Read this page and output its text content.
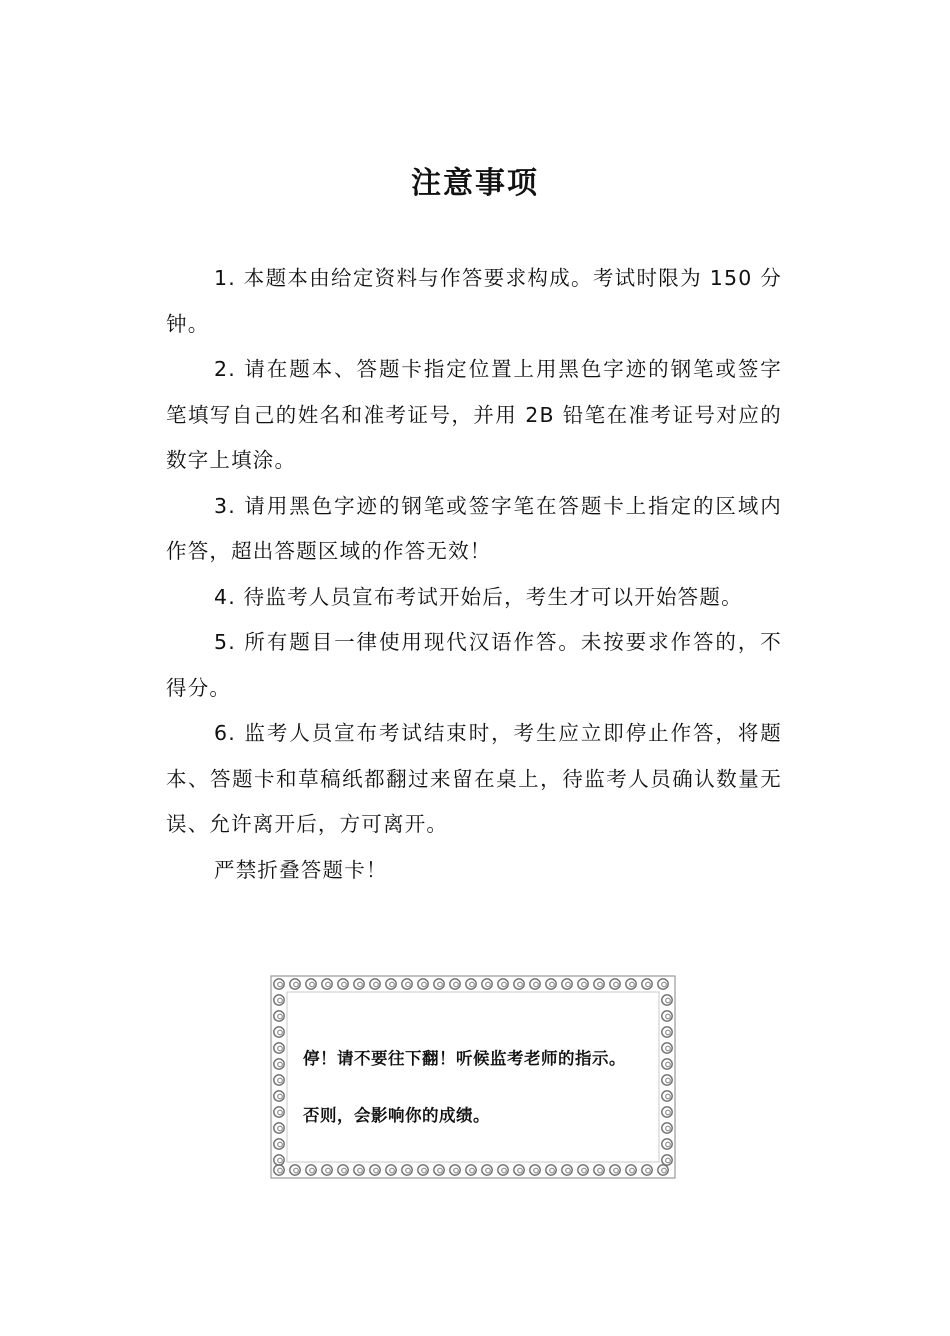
注意事项

1. 本题本由给定资料与作答要求构成。考试时限为 150 分钟。

2. 请在题本、答题卡指定位置上用黑色字迹的钢笔或签字笔填写自己的姓名和准考证号，并用 2B 铅笔在准考证号对应的数字上填涂。

3. 请用黑色字迹的钢笔或签字笔在答题卡上指定的区域内作答，超出答题区域的作答无效！

4. 待监考人员宣布考试开始后，考生才可以开始答题。

5. 所有题目一律使用现代汉语作答。未按要求作答的，不得分。

6. 监考人员宣布考试结束时，考生应立即停止作答，将题本、答题卡和草稿纸都翻过来留在桌上，待监考人员确认数量无误、允许离开后，方可离开。

严禁折叠答题卡！

停！请不要往下翻！听候监考老师的指示。
否则，会影响你的成绩。
